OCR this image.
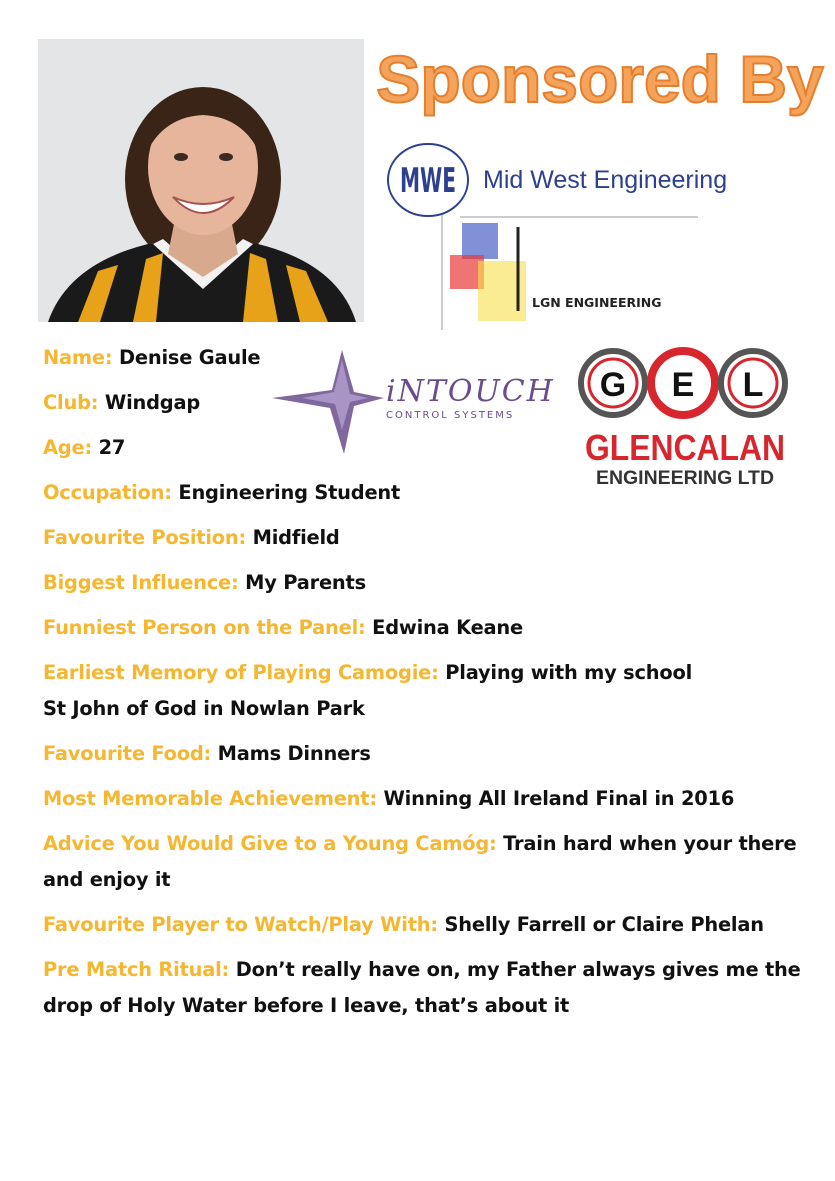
Sponsored By
MWE Mid West Engineering
LGN ENGINEERING
iNTOUCH
CONTROL SYSTEMS
G E L
GLENCALAN
ENGINEERING LTD
Name: Denise Gaule
Club: Windgap
Age: 27
Occupation: Engineering Student
Favourite Position: Midfield
Biggest Influence: My Parents
Funniest Person on the Panel: Edwina Keane
Earliest Memory of Playing Camogie: Playing with my school St John of God in Nowlan Park
Favourite Food: Mams Dinners
Most Memorable Achievement: Winning All Ireland Final in 2016
Advice You Would Give to a Young Camóg: Train hard when your there and enjoy it
Favourite Player to Watch/Play With: Shelly Farrell or Claire Phelan
Pre Match Ritual: Don’t really have on, my Father always gives me the drop of Holy Water before I leave, that’s about it
